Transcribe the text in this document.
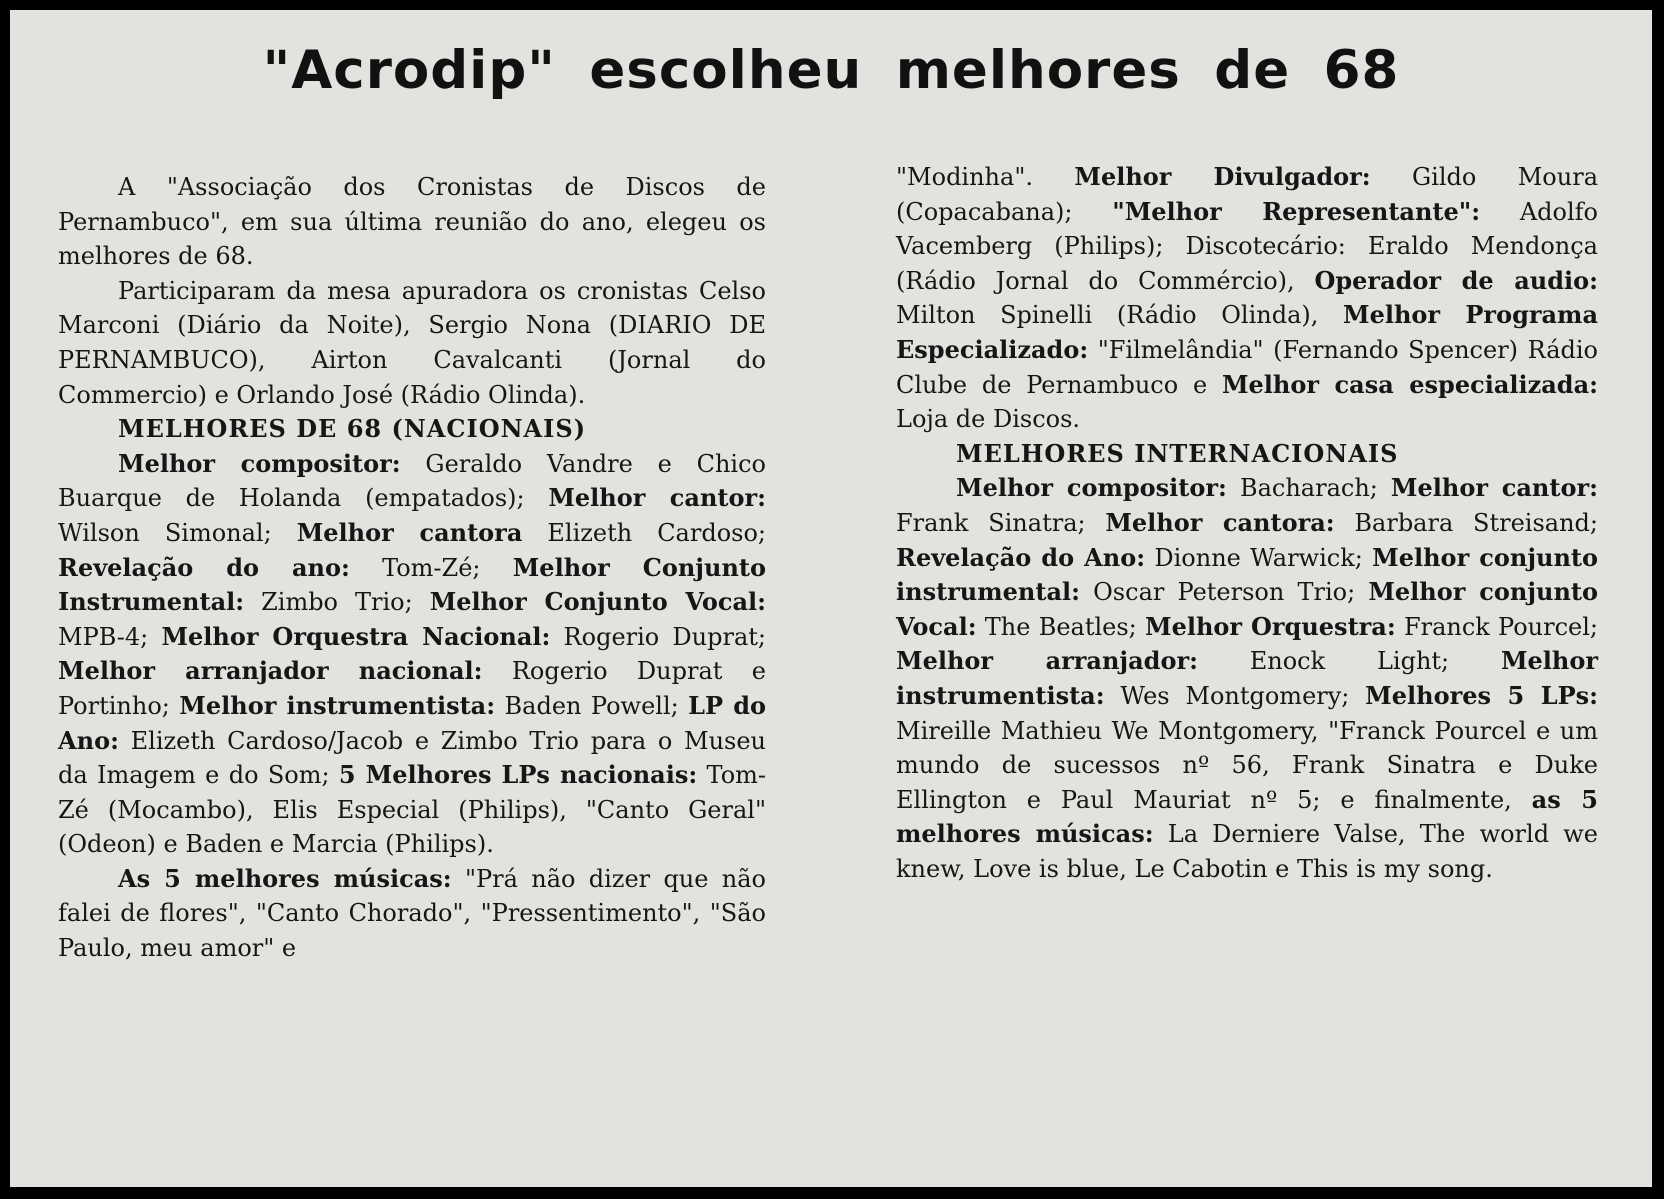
"Acrodip" escolheu melhores de 68

A "Associação dos Cronistas de Discos de Pernambuco", em sua última reunião do ano, elegeu os melhores de 68.

Participaram da mesa apuradora os cronistas Celso Marconi (Diário da Noite), Sergio Nona (DIARIO DE PERNAMBUCO), Airton Cavalcanti (Jornal do Commercio) e Orlando José (Rádio Olinda).

MELHORES DE 68 (NACIONAIS)

Melhor compositor: Geraldo Vandre e Chico Buarque de Holanda (empatados); Melhor cantor: Wilson Simonal; Melhor cantora Elizeth Cardoso; Revelação do ano: Tom-Zé; Melhor Conjunto Instrumental: Zimbo Trio; Melhor Conjunto Vocal: MPB-4; Melhor Orquestra Nacional: Rogerio Duprat; Melhor arranjador nacional: Rogerio Duprat e Portinho; Melhor instrumentista: Baden Powell; LP do Ano: Elizeth Cardoso/Jacob e Zimbo Trio para o Museu da Imagem e do Som; 5 Melhores LPs nacionais: Tom-Zé (Mocambo), Elis Especial (Philips), "Canto Geral" (Odeon) e Baden e Marcia (Philips).

As 5 melhores músicas: "Prá não dizer que não falei de flores", "Canto Chorado", "Pressentimento", "São Paulo, meu amor" e

"Modinha". Melhor Divulgador: Gildo Moura (Copacabana); "Melhor Representante": Adolfo Vacemberg (Philips); Discotecário: Eraldo Mendonça (Rádio Jornal do Commércio), Operador de audio: Milton Spinelli (Rádio Olinda), Melhor Programa Especializado: "Filmelândia" (Fernando Spencer) Rádio Clube de Pernambuco e Melhor casa especializada: Loja de Discos.

MELHORES INTERNACIONAIS

Melhor compositor: Bacharach; Melhor cantor: Frank Sinatra; Melhor cantora: Barbara Streisand; Revelação do Ano: Dionne Warwick; Melhor conjunto instrumental: Oscar Peterson Trio; Melhor conjunto Vocal: The Beatles; Melhor Orquestra: Franck Pourcel; Melhor arranjador: Enock Light; Melhor instrumentista: Wes Montgomery; Melhores 5 LPs: Mireille Mathieu We Montgomery, "Franck Pourcel e um mundo de sucessos nº 56, Frank Sinatra e Duke Ellington e Paul Mauriat nº 5; e finalmente, as 5 melhores músicas: La Derniere Valse, The world we knew, Love is blue, Le Cabotin e This is my song.
